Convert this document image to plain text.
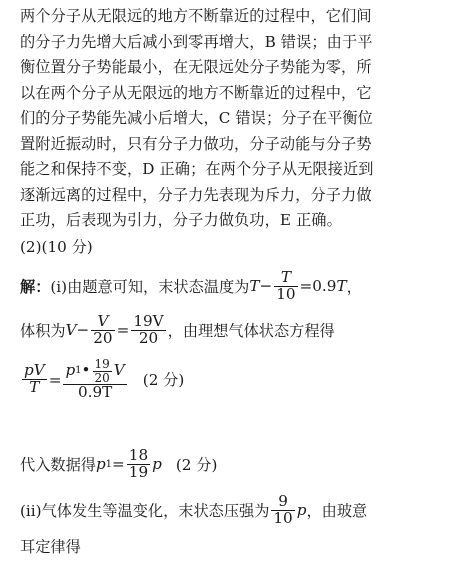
两个分子从无限远的地方不断靠近的过程中，它们间
的分子力先增大后减小到零再增大，B 错误；由于平
衡位置分子势能最小，在无限远处分子势能为零，所
以在两个分子从无限远的地方不断靠近的过程中，它
们的分子势能先减小后增大，C 错误；分子在平衡位
置附近振动时，只有分子力做功，分子动能与分子势
能之和保持不变，D 正确；在两个分子从无限接近到
逐渐远离的过程中，分子力先表现为斥力，分子力做
正功，后表现为引力，分子力做负功，E 正确。
(2)(10 分)
解： (ⅰ)由题意可知，末状态温度为 $T - \frac{T}{10} =0.9$ T ，
体积为 $V - \frac{V}{20} = \frac{19V}{20}$ ，由理想气体状态方程得
$\frac{pV}{T}$ =
p 1 • $\frac{19}{20}$ V
0.9T
(2 分)
代入数据得 p $1 = \frac{18}{19}$ p (2 分)
(ⅱ)气体发生等温变化，末状态压强为 $\frac{9}{10}$ p ，由玻意
耳定律得
